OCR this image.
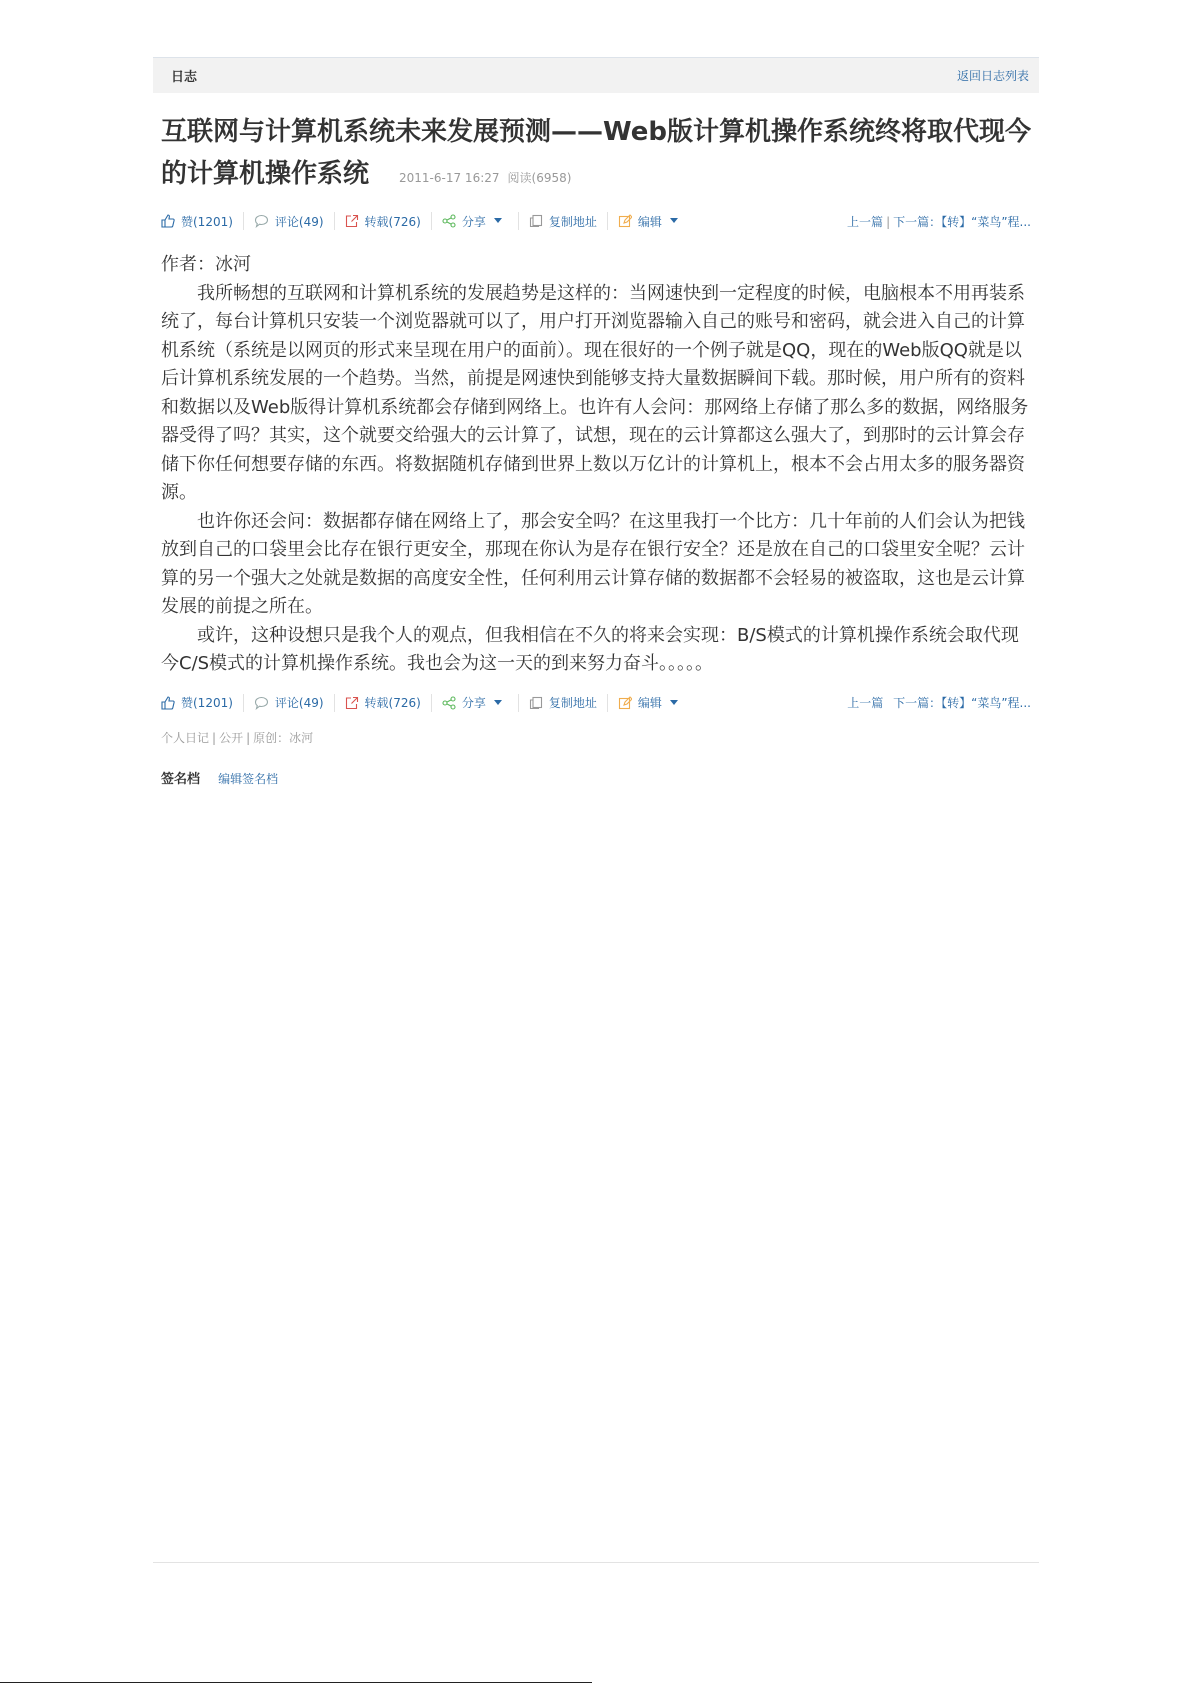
日志	返回日志列表
互联网与计算机系统未来发展预测——Web版计算机操作系统终将取代现今的计算机操作系统	2011-6-17 16:27 阅读(6958)
赞(1201)	评论(49)	转载(726)	分享	复制地址	编辑	上一篇 | 下一篇：【转】“菜鸟”程...

作者：冰河

　　我所畅想的互联网和计算机系统的发展趋势是这样的：当网速快到一定程度的时候，电脑根本不用再装系统了，每台计算机只安装一个浏览器就可以了，用户打开浏览器输入自己的账号和密码，就会进入自己的计算机系统（系统是以网页的形式来呈现在用户的面前）。现在很好的一个例子就是QQ，现在的Web版QQ就是以后计算机系统发展的一个趋势。当然，前提是网速快到能够支持大量数据瞬间下载。那时候，用户所有的资料和数据以及Web版得计算机系统都会存储到网络上。也许有人会问：那网络上存储了那么多的数据，网络服务器受得了吗？其实，这个就要交给强大的云计算了，试想，现在的云计算都这么强大了，到那时的云计算会存储下你任何想要存储的东西。将数据随机存储到世界上数以万亿计的计算机上，根本不会占用太多的服务器资源。

　　也许你还会问：数据都存储在网络上了，那会安全吗？在这里我打一个比方：几十年前的人们会认为把钱放到自己的口袋里会比存在银行更安全，那现在你认为是存在银行安全？还是放在自己的口袋里安全呢？云计算的另一个强大之处就是数据的高度安全性，任何利用云计算存储的数据都不会轻易的被盗取，这也是云计算发展的前提之所在。

　　或许，这种设想只是我个人的观点，但我相信在不久的将来会实现：B/S模式的计算机操作系统会取代现今C/S模式的计算机操作系统。我也会为这一天的到来努力奋斗。。。。。

赞(1201)	评论(49)	转载(726)	分享	复制地址	编辑	上一篇 下一篇：【转】“菜鸟”程...
个人日记 | 公开 | 原创：冰河
签名档 编辑签名档
